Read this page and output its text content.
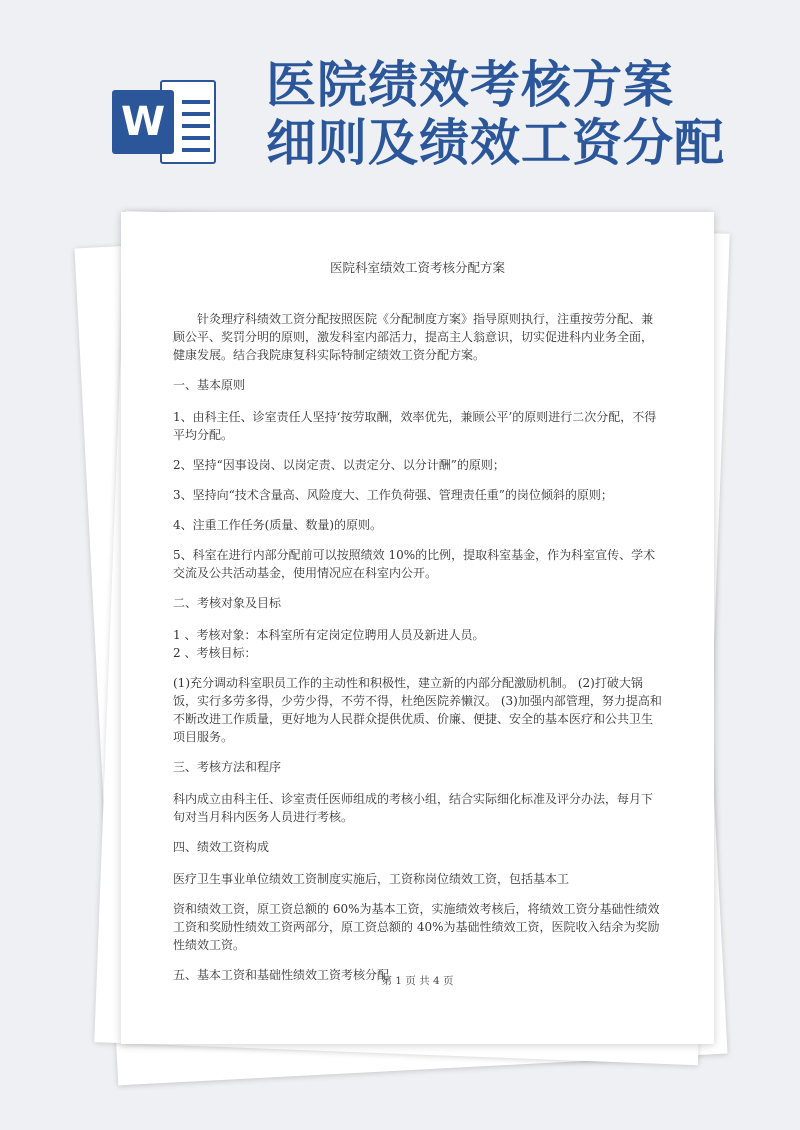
W
医院绩效考核方案
细则及绩效工资分配

医院科室绩效工资考核分配方案

针灸理疗科绩效工资分配按照医院《分配制度方案》指导原则执行，注重按劳分配、兼顾公平、奖罚分明的原则，激发科室内部活力，提高主人翁意识，切实促进科内业务全面，健康发展。结合我院康复科实际特制定绩效工资分配方案。

一、基本原则

1、由科主任、诊室责任人坚持‘按劳取酬，效率优先，兼顾公平’的原则进行二次分配，不得平均分配。

2、坚持“因事设岗、以岗定责、以责定分、以分计酬”的原则；

3、坚持向“技术含量高、风险度大、工作负荷强、管理责任重”的岗位倾斜的原则；

4、注重工作任务(质量、数量)的原则。

5、科室在进行内部分配前可以按照绩效 10%的比例，提取科室基金，作为科室宣传、学术交流及公共活动基金，使用情况应在科室内公开。

二、考核对象及目标

1 、考核对象：本科室所有定岗定位聘用人员及新进人员。

2 、考核目标：

(1)充分调动科室职员工作的主动性和积极性，建立新的内部分配激励机制。 (2)打破大锅饭，实行多劳多得，少劳少得，不劳不得，杜绝医院养懒汉。 (3)加强内部管理，努力提高和不断改进工作质量，更好地为人民群众提供优质、价廉、便捷、安全的基本医疗和公共卫生项目服务。

三、考核方法和程序

科内成立由科主任、诊室责任医师组成的考核小组，结合实际细化标准及评分办法，每月下旬对当月科内医务人员进行考核。

四、绩效工资构成

医疗卫生事业单位绩效工资制度实施后，工资称岗位绩效工资，包括基本工

资和绩效工资，原工资总额的 60%为基本工资，实施绩效考核后，将绩效工资分基础性绩效工资和奖励性绩效工资两部分，原工资总额的 40%为基础性绩效工资，医院收入结余为奖励性绩效工资。

五、基本工资和基础性绩效工资考核分配

第 1 页 共 4 页
